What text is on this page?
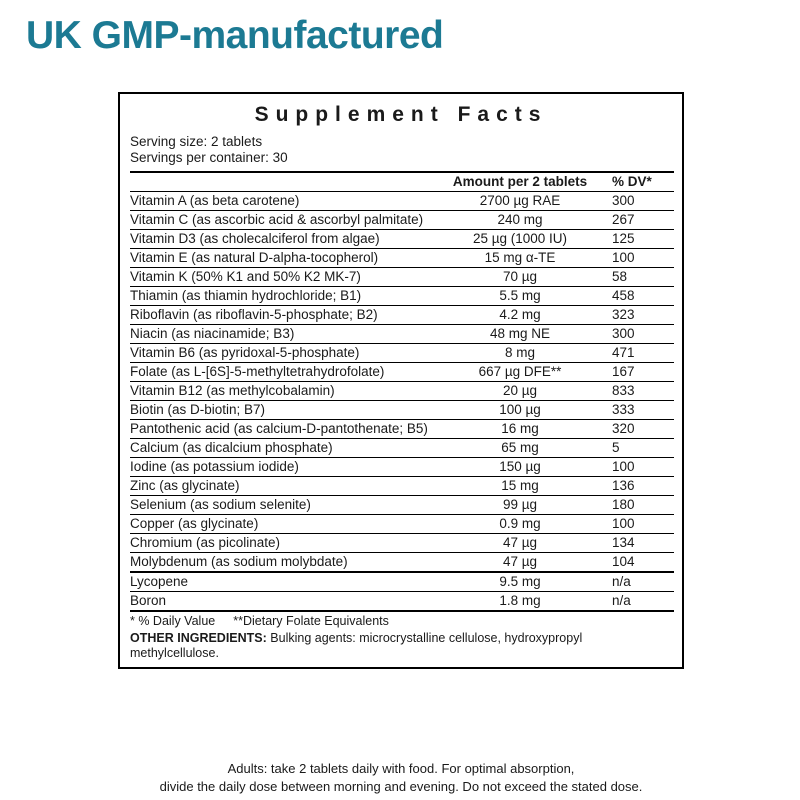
UK GMP-manufactured
Supplement Facts
Serving size: 2 tablets
Servings per container: 30
	Amount per 2 tablets	% DV*
Vitamin A (as beta carotene)	2700 µg RAE	300
Vitamin C (as ascorbic acid & ascorbyl palmitate)	240 mg	267
Vitamin D3 (as cholecalciferol from algae)	25 µg (1000 IU)	125
Vitamin E (as natural D-alpha-tocopherol)	15 mg α-TE	100
Vitamin K (50% K1 and 50% K2 MK-7)	70 µg	58
Thiamin (as thiamin hydrochloride; B1)	5.5 mg	458
Riboflavin (as riboflavin-5-phosphate; B2)	4.2 mg	323
Niacin (as niacinamide; B3)	48 mg NE	300
Vitamin B6 (as pyridoxal-5-phosphate)	8 mg	471
Folate (as L-[6S]-5-methyltetrahydrofolate)	667 µg DFE**	167
Vitamin B12 (as methylcobalamin)	20 µg	833
Biotin (as D-biotin; B7)	100 µg	333
Pantothenic acid (as calcium-D-pantothenate; B5)	16 mg	320
Calcium (as dicalcium phosphate)	65 mg	5
Iodine (as potassium iodide)	150 µg	100
Zinc (as glycinate)	15 mg	136
Selenium (as sodium selenite)	99 µg	180
Copper (as glycinate)	0.9 mg	100
Chromium (as picolinate)	47 µg	134
Molybdenum (as sodium molybdate)	47 µg	104
Lycopene	9.5 mg	n/a
Boron	1.8 mg	n/a
* % Daily Value **Dietary Folate Equivalents
OTHER INGREDIENTS: Bulking agents: microcrystalline cellulose, hydroxypropyl methylcellulose.
Adults: take 2 tablets daily with food. For optimal absorption,
divide the daily dose between morning and evening. Do not exceed the stated dose.
